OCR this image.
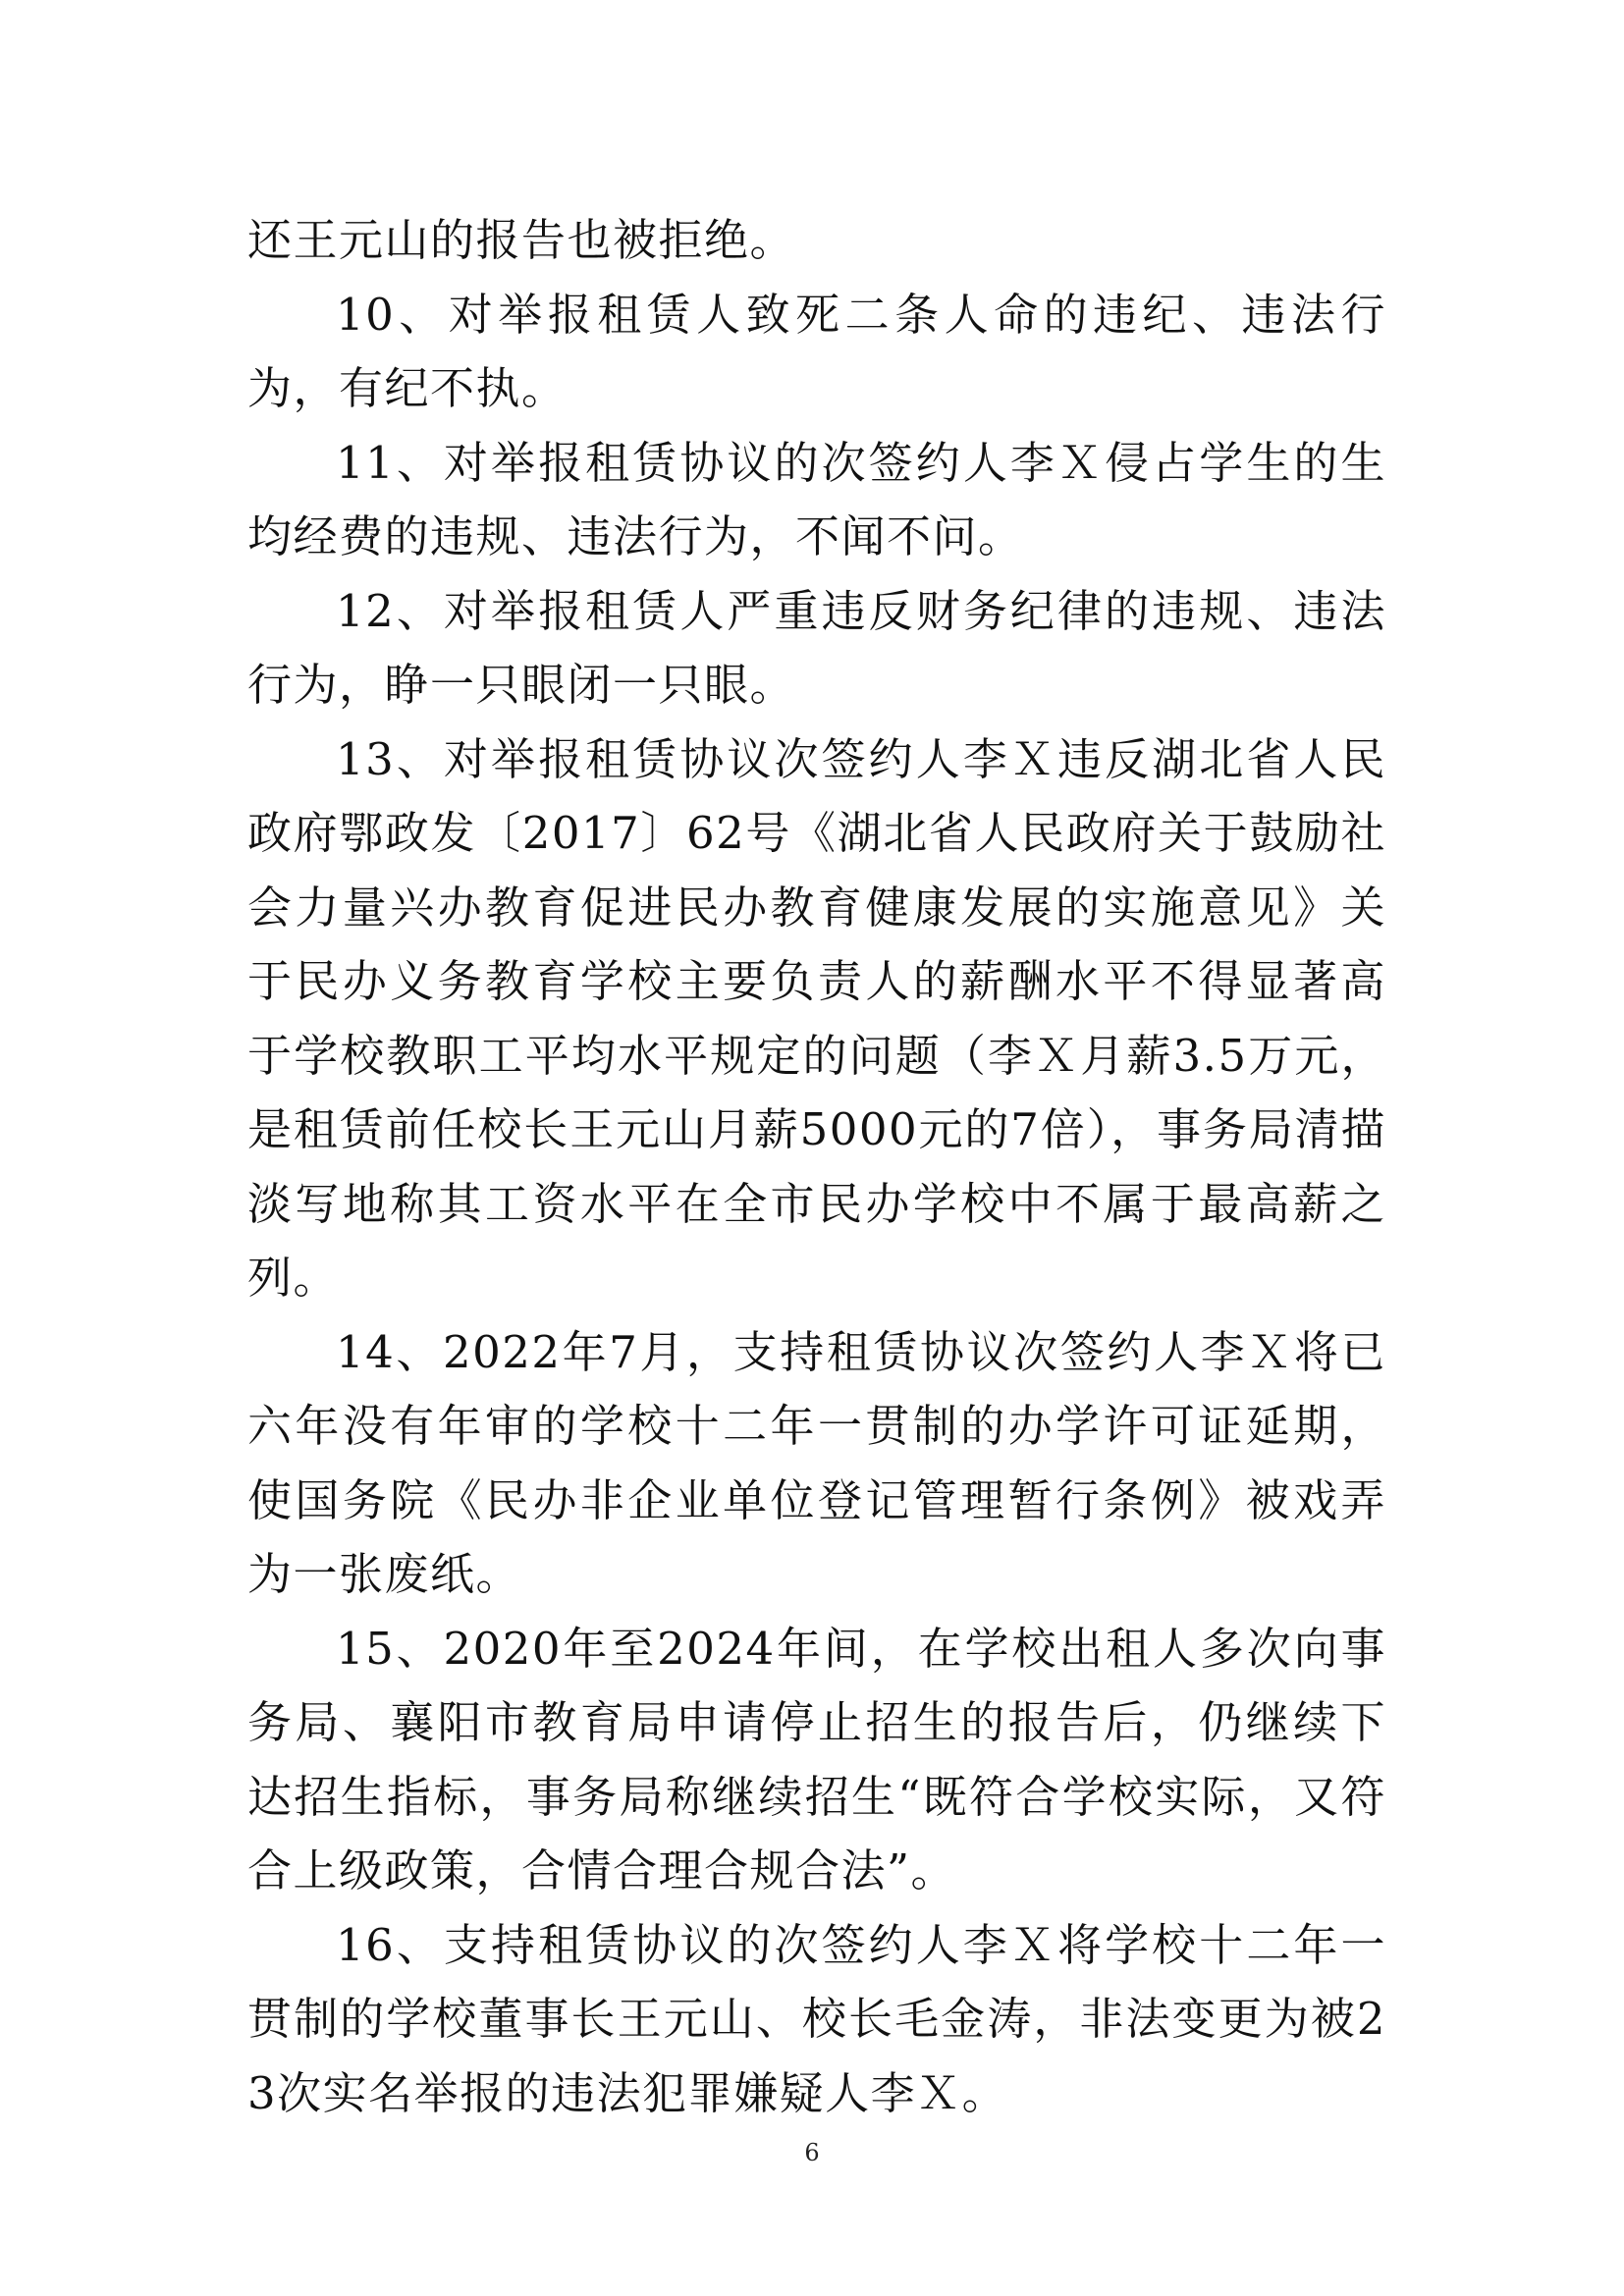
还王元山的报告也被拒绝。

10、对举报租赁人致死二条人命的违纪、违法行为，有纪不执。

11、对举报租赁协议的次签约人李Ｘ侵占学生的生均经费的违规、违法行为，不闻不问。

12、对举报租赁人严重违反财务纪律的违规、违法行为，睁一只眼闭一只眼。

13、对举报租赁协议次签约人李Ｘ违反湖北省人民政府鄂政发〔2017〕62号《湖北省人民政府关于鼓励社会力量兴办教育促进民办教育健康发展的实施意见》关于民办义务教育学校主要负责人的薪酬水平不得显著高于学校教职工平均水平规定的问题（李Ｘ月薪3.5万元，是租赁前任校长王元山月薪5000元的7倍），事务局清描淡写地称其工资水平在全市民办学校中不属于最高薪之列。

14、2022年7月，支持租赁协议次签约人李Ｘ将已六年没有年审的学校十二年一贯制的办学许可证延期，使国务院《民办非企业单位登记管理暂行条例》被戏弄为一张废纸。

15、2020年至2024年间，在学校出租人多次向事务局、襄阳市教育局申请停止招生的报告后，仍继续下达招生指标，事务局称继续招生“既符合学校实际，又符合上级政策，合情合理合规合法”。

16、支持租赁协议的次签约人李Ｘ将学校十二年一贯制的学校董事长王元山、校长毛金涛，非法变更为被23次实名举报的违法犯罪嫌疑人李Ｘ。

6
